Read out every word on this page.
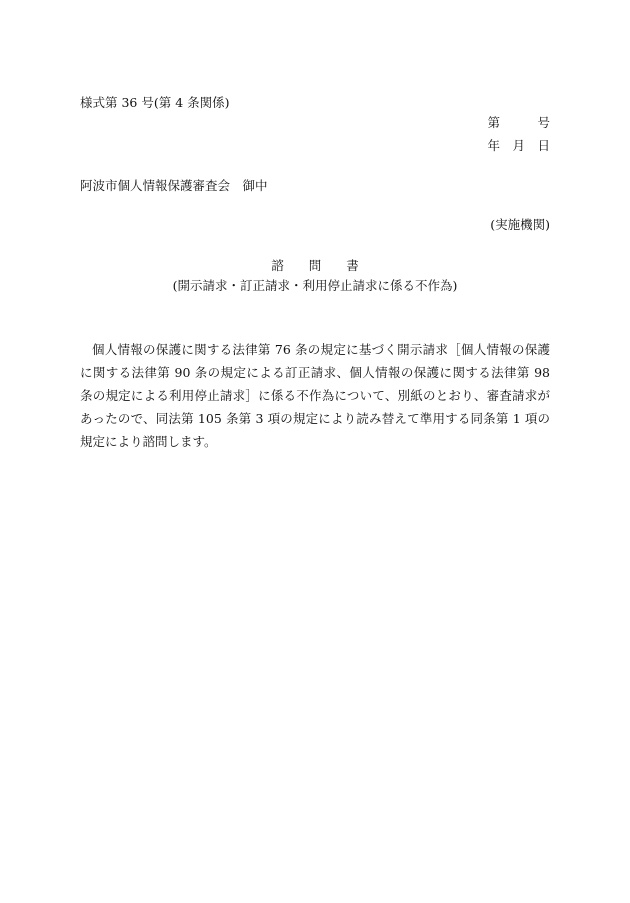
様式第 36 号(第 4 条関係)
第　　　号
年　月　日
阿波市個人情報保護審査会　御中
(実施機関)
諮　　問　　書
(開示請求・訂正請求・利用停止請求に係る不作為)
個人情報の保護に関する法律第 76 条の規定に基づく開示請求［個人情報の保護に関する法律第 90 条の規定による訂正請求、個人情報の保護に関する法律第 98 条の規定による利用停止請求］に係る不作為について、別紙のとおり、審査請求があったので、同法第 105 条第 3 項の規定により読み替えて準用する同条第 1 項の規定により諮問します。
